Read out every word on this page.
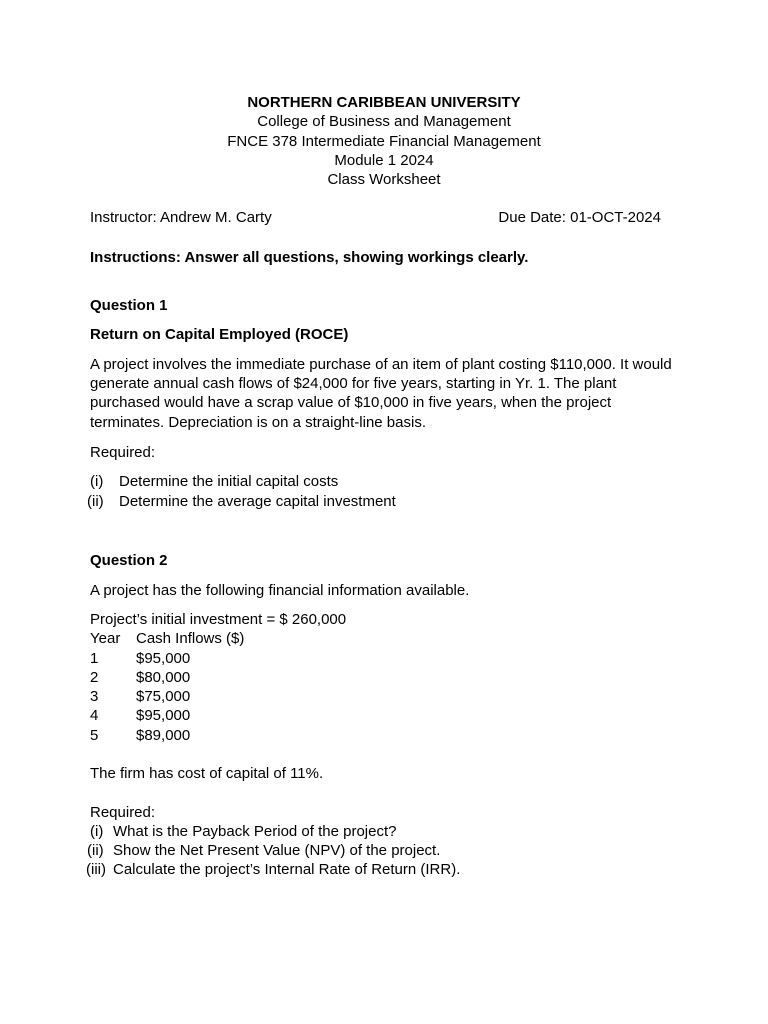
NORTHERN CARIBBEAN UNIVERSITY
College of Business and Management
FNCE 378 Intermediate Financial Management
Module 1 2024
Class Worksheet
Instructor: Andrew M. Carty	Due Date: 01-OCT-2024
Instructions: Answer all questions, showing workings clearly.
Question 1
Return on Capital Employed (ROCE)
A project involves the immediate purchase of an item of plant costing $110,000. It would
generate annual cash flows of $24,000 for five years, starting in Yr. 1. The plant
purchased would have a scrap value of $10,000 in five years, when the project
terminates. Depreciation is on a straight-line basis.
Required:
(i) Determine the initial capital costs
(ii) Determine the average capital investment
Question 2
A project has the following financial information available.
Project’s initial investment = $ 260,000
Year Cash Inflows ($)
1	$95,000
2	$80,000
3	$75,000
4	$95,000
5	$89,000
The firm has cost of capital of 11%.
Required:
(i) What is the Payback Period of the project?
(ii) Show the Net Present Value (NPV) of the project.
(iii) Calculate the project’s Internal Rate of Return (IRR).
